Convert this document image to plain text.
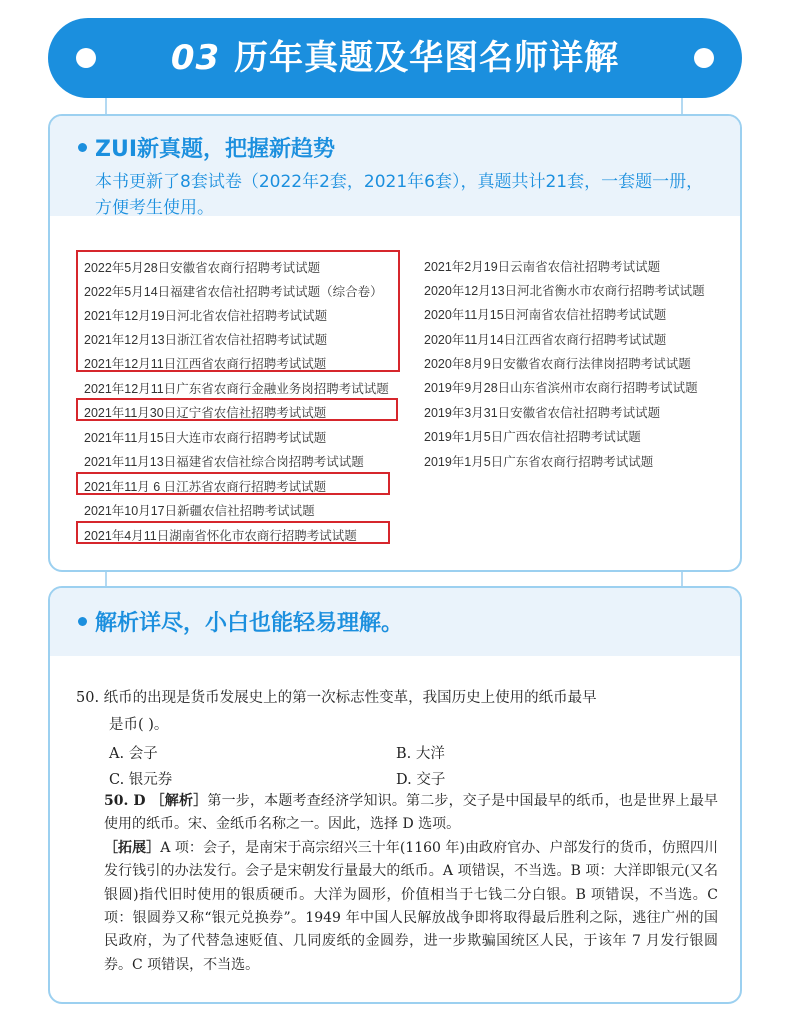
03 历年真题及华图名师详解
ZUI新真题，把握新趋势
本书更新了8套试卷（2022年2套，2021年6套），真题共计21套，一套题一册，方便考生使用。
2022年5月28日安徽省农商行招聘考试试题
2022年5月14日福建省农信社招聘考试试题（综合卷）
2021年12月19日河北省农信社招聘考试试题
2021年12月13日浙江省农信社招聘考试试题
2021年12月11日江西省农商行招聘考试试题
2021年12月11日广东省农商行金融业务岗招聘考试试题
2021年11月30日辽宁省农信社招聘考试试题
2021年11月15日大连市农商行招聘考试试题
2021年11月13日福建省农信社综合岗招聘考试试题
2021年11月 6 日江苏省农商行招聘考试试题
2021年10月17日新疆农信社招聘考试试题
2021年4月11日湖南省怀化市农商行招聘考试试题
2021年2月19日云南省农信社招聘考试试题
2020年12月13日河北省衡水市农商行招聘考试试题
2020年11月15日河南省农信社招聘考试试题
2020年11月14日江西省农商行招聘考试试题
2020年8月9日安徽省农商行法律岗招聘考试试题
2019年9月28日山东省滨州市农商行招聘考试试题
2019年3月31日安徽省农信社招聘考试试题
2019年1月5日广西农信社招聘考试试题
2019年1月5日广东省农商行招聘考试试题
解析详尽，小白也能轻易理解。
50. 纸币的出现是货币发展史上的第一次标志性变革，我国历史上使用的纸币最早
是币( )。
A. 会子	B. 大洋
C. 银元券	D. 交子
50. D ［解析］第一步，本题考查经济学知识。第二步，交子是中国最早的纸币，也是世界上最早使用的纸币。宋、金纸币名称之一。因此，选择 D 选项。
［拓展］A 项：会子，是南宋于高宗绍兴三十年(1160 年)由政府官办、户部发行的货币，仿照四川发行钱引的办法发行。会子是宋朝发行量最大的纸币。A 项错误，不当选。B 项：大洋即银元(又名银圆)指代旧时使用的银质硬币。大洋为圆形，价值相当于七钱二分白银。B 项错误，不当选。C 项：银圆券又称“银元兑换券”。1949 年中国人民解放战争即将取得最后胜利之际，逃往广州的国民政府，为了代替急速贬值、几同废纸的金圆券，进一步欺骗国统区人民，于该年 7 月发行银圆券。C 项错误，不当选。
